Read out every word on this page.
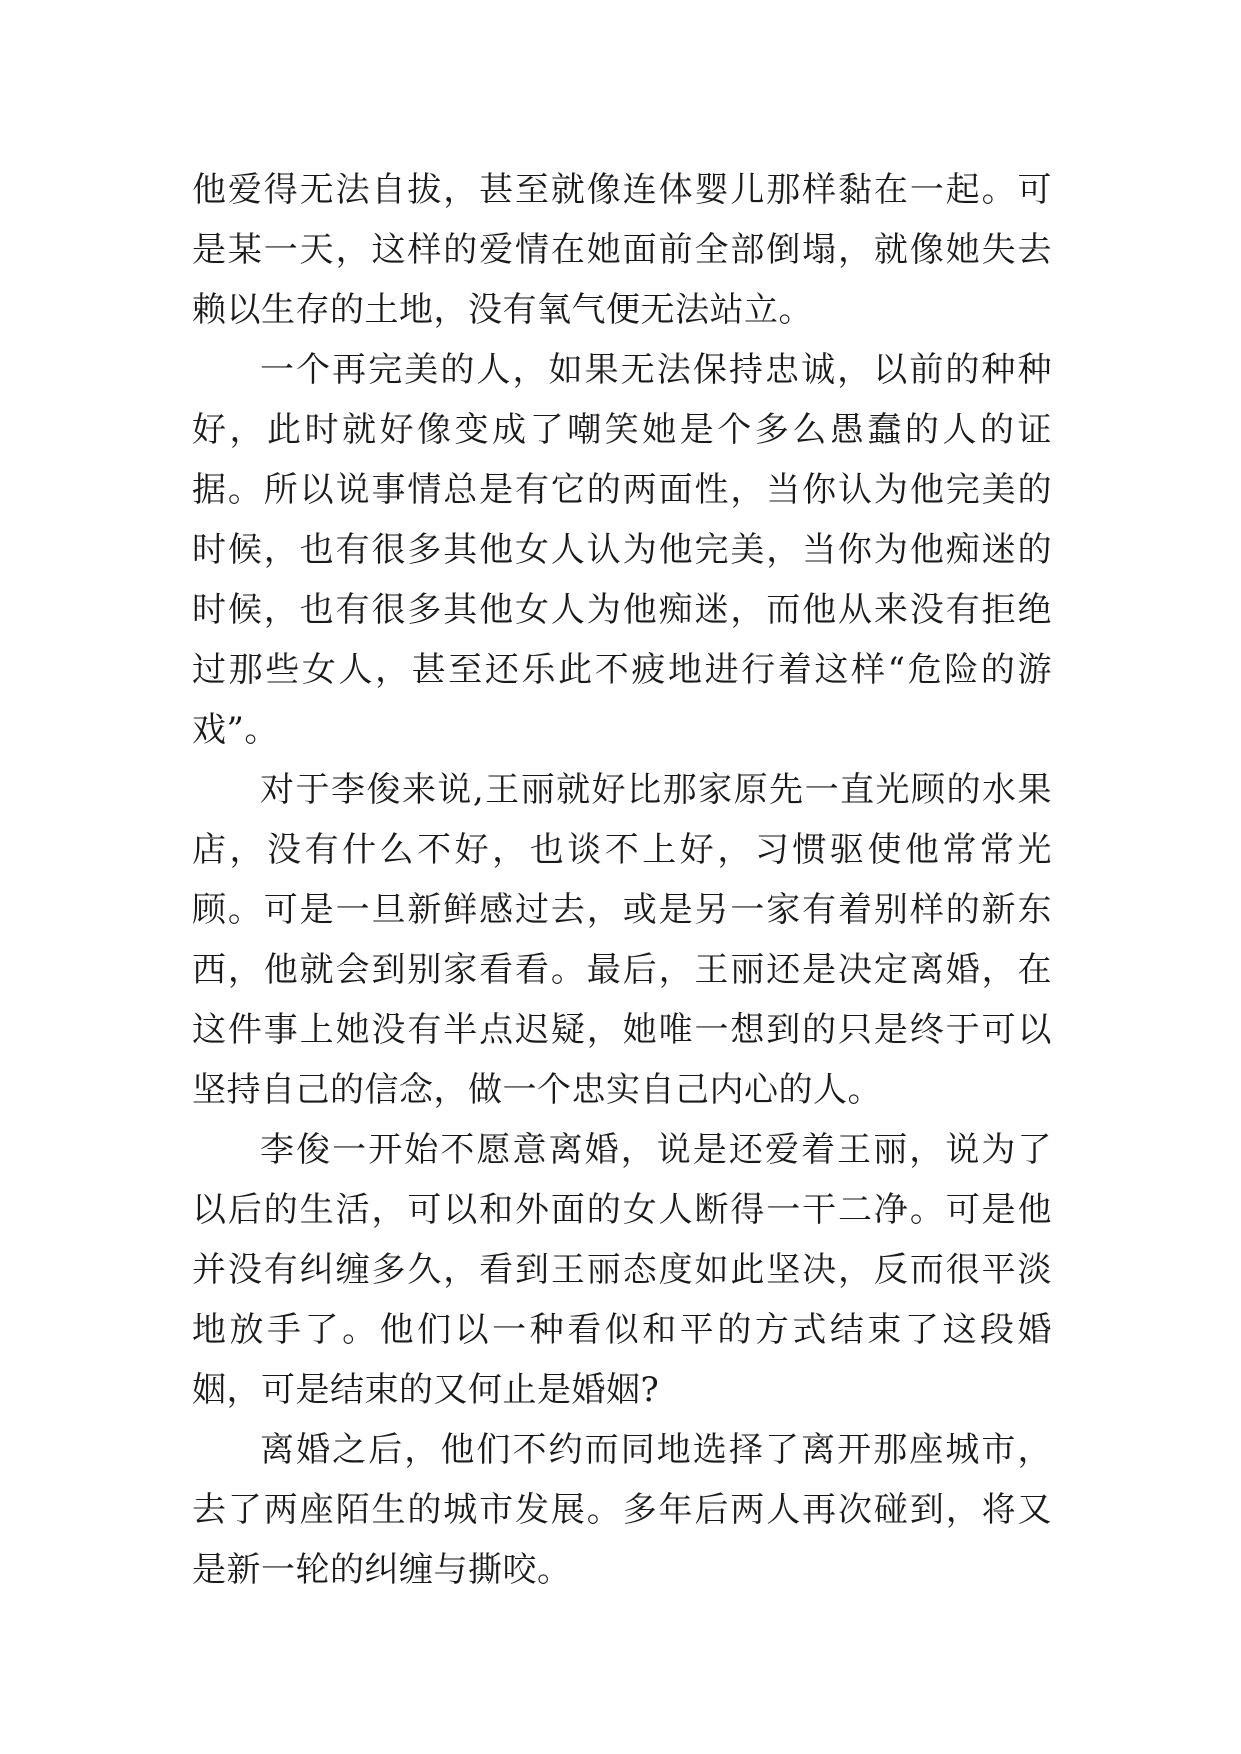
他爱得无法自拔，甚至就像连体婴儿那样黏在一起。可是某一天，这样的爱情在她面前全部倒塌，就像她失去赖以生存的土地，没有氧气便无法站立。

一个再完美的人，如果无法保持忠诚，以前的种种好，此时就好像变成了嘲笑她是个多么愚蠢的人的证据。所以说事情总是有它的两面性，当你认为他完美的时候，也有很多其他女人认为他完美，当你为他痴迷的时候，也有很多其他女人为他痴迷，而他从来没有拒绝过那些女人，甚至还乐此不疲地进行着这样“危险的游戏”。

对于李俊来说,王丽就好比那家原先一直光顾的水果店，没有什么不好，也谈不上好，习惯驱使他常常光顾。可是一旦新鲜感过去，或是另一家有着别样的新东西，他就会到别家看看。最后，王丽还是决定离婚，在这件事上她没有半点迟疑，她唯一想到的只是终于可以坚持自己的信念，做一个忠实自己内心的人。

李俊一开始不愿意离婚，说是还爱着王丽，说为了以后的生活，可以和外面的女人断得一干二净。可是他并没有纠缠多久，看到王丽态度如此坚决，反而很平淡地放手了。他们以一种看似和平的方式结束了这段婚姻，可是结束的又何止是婚姻?

离婚之后，他们不约而同地选择了离开那座城市，去了两座陌生的城市发展。多年后两人再次碰到，将又是新一轮的纠缠与撕咬。
